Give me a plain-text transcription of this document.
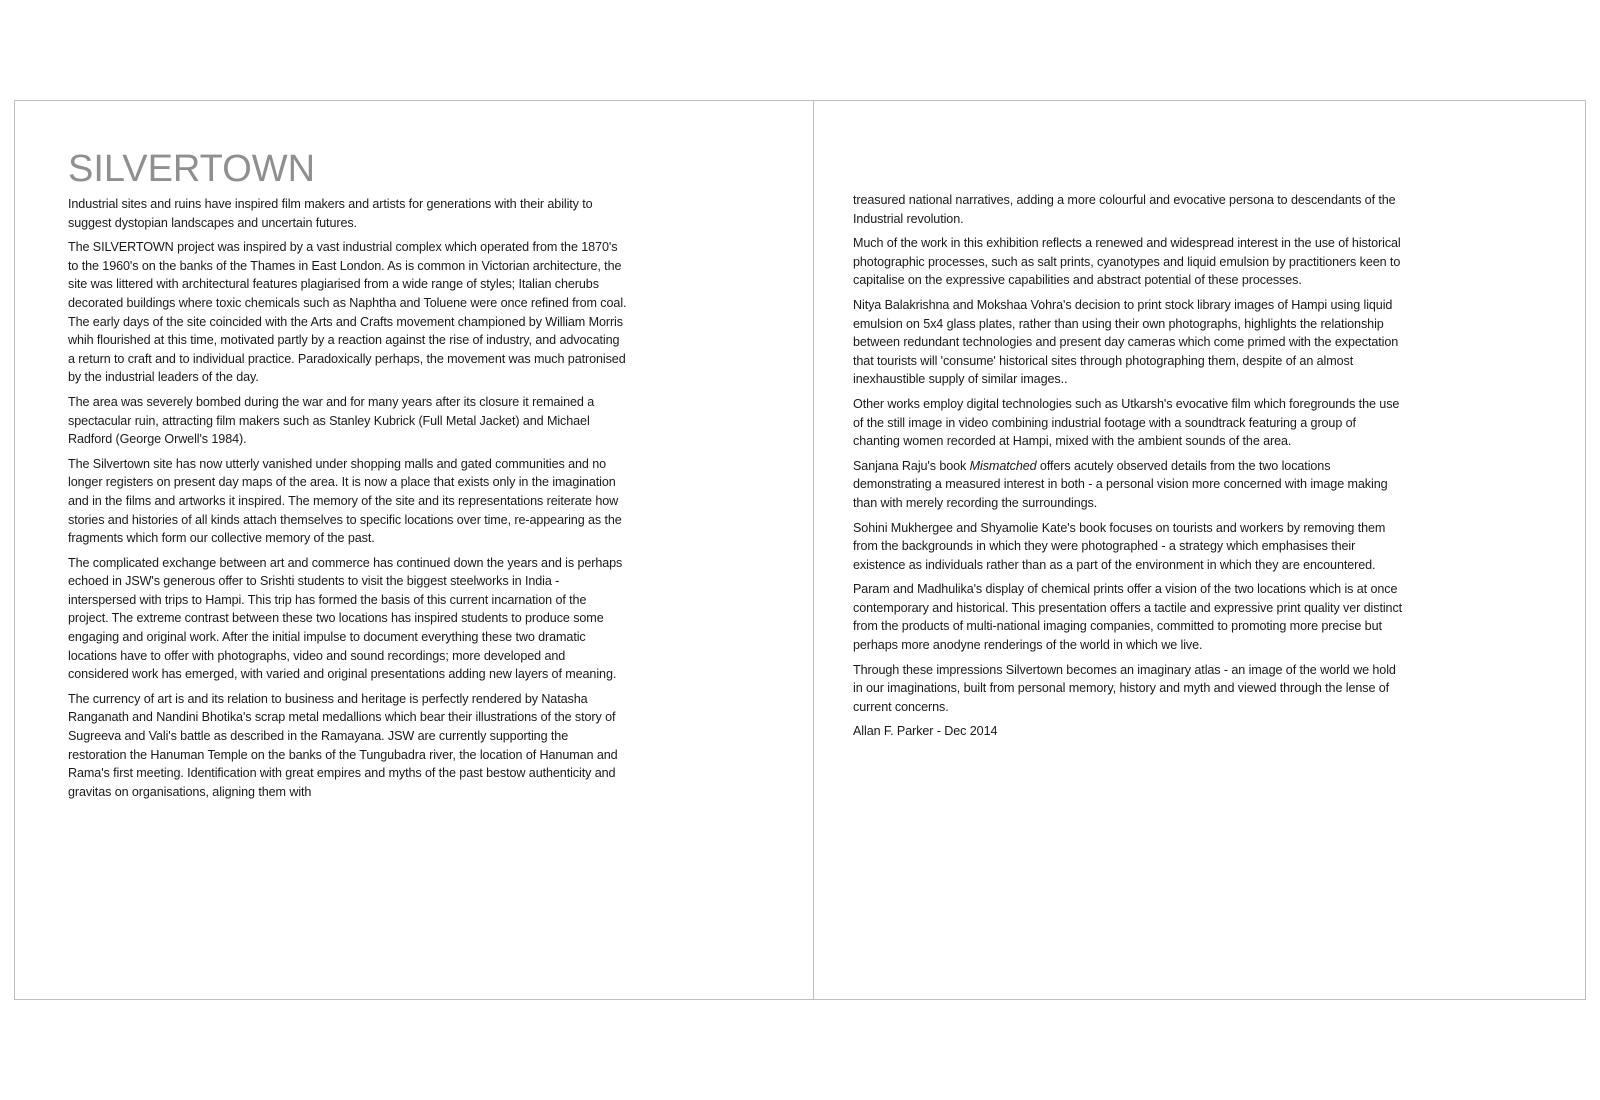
SILVERTOWN

Industrial sites and ruins have inspired film makers and artists for generations with their ability to suggest dystopian landscapes and uncertain futures.

The SILVERTOWN project was inspired by a vast industrial complex which operated from the 1870's to the 1960's on the banks of the Thames in East London. As is common in Victorian architecture, the site was littered with architectural features plagiarised from a wide range of styles; Italian cherubs decorated buildings where toxic chemicals such as Naphtha and Toluene were once refined from coal. The early days of the site coincided with the Arts and Crafts movement championed by William Morris whih flourished at this time, motivated partly by a reaction against the rise of industry, and advocating a return to craft and to individual practice. Paradoxically perhaps, the movement was much patronised by the industrial leaders of the day.

The area was severely bombed during the war and for many years after its closure it remained a spectacular ruin, attracting film makers such as Stanley Kubrick (Full Metal Jacket) and Michael Radford (George Orwell's 1984).

The Silvertown site has now utterly vanished under shopping malls and gated communities and no longer registers on present day maps of the area. It is now a place that exists only in the imagination and in the films and artworks it inspired. The memory of the site and its representations reiterate how stories and histories of all kinds attach themselves to specific locations over time, re-appearing as the fragments which form our collective memory of the past.

The complicated exchange between art and commerce has continued down the years and is perhaps echoed in JSW's generous offer to Srishti students to visit the biggest steelworks in India - interspersed with trips to Hampi. This trip has formed the basis of this current incarnation of the project. The extreme contrast between these two locations has inspired students to produce some engaging and original work. After the initial impulse to document everything these two dramatic locations have to offer with photographs, video and sound recordings; more developed and considered work has emerged, with varied and original presentations adding new layers of meaning.

The currency of art is and its relation to business and heritage is perfectly rendered by Natasha Ranganath and Nandini Bhotika's scrap metal medallions which bear their illustrations of the story of Sugreeva and Vali's battle as described in the Ramayana. JSW are currently supporting the restoration the Hanuman Temple on the banks of the Tungubadra river, the location of Hanuman and Rama's first meeting. Identification with great empires and myths of the past bestow authenticity and gravitas on organisations, aligning them with

treasured national narratives, adding a more colourful and evocative persona to descendants of the Industrial revolution.

Much of the work in this exhibition reflects a renewed and widespread interest in the use of historical photographic processes, such as salt prints, cyanotypes and liquid emulsion by practitioners keen to capitalise on the expressive capabilities and abstract potential of these processes.

Nitya Balakrishna and Mokshaa Vohra's decision to print stock library images of Hampi using liquid emulsion on 5x4 glass plates, rather than using their own photographs, highlights the relationship between redundant technologies and present day cameras which come primed with the expectation that tourists will 'consume' historical sites through photographing them, despite of an almost inexhaustible supply of similar images..

Other works employ digital technologies such as Utkarsh's evocative film which foregrounds the use of the still image in video combining industrial footage with a soundtrack featuring a group of chanting women recorded at Hampi, mixed with the ambient sounds of the area.

Sanjana Raju's book Mismatched offers acutely observed details from the two locations demonstrating a measured interest in both - a personal vision more concerned with image making than with merely recording the surroundings.

Sohini Mukhergee and Shyamolie Kate's book focuses on tourists and workers by removing them from the backgrounds in which they were photographed - a strategy which emphasises their existence as individuals rather than as a part of the environment in which they are encountered.

Param and Madhulika's display of chemical prints offer a vision of the two locations which is at once contemporary and historical. This presentation offers a tactile and expressive print quality ver distinct from the products of multi-national imaging companies, committed to promoting more precise but perhaps more anodyne renderings of the world in which we live.

Through these impressions Silvertown becomes an imaginary atlas - an image of the world we hold in our imaginations, built from personal memory, history and myth and viewed through the lense of current concerns.

Allan F. Parker - Dec 2014
